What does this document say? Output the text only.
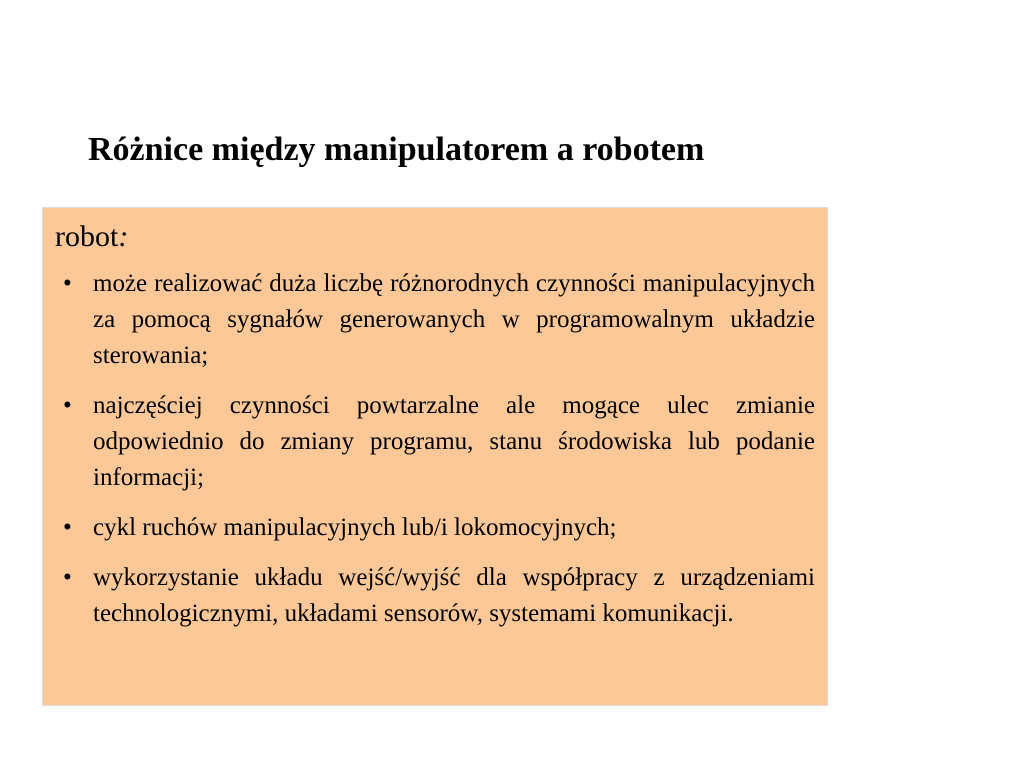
Różnice między manipulatorem a robotem
robot:
• może realizować duża liczbę różnorodnych czynności manipulacyjnych za pomocą sygnałów generowanych w programowalnym układzie sterowania;
• najczęściej czynności powtarzalne ale mogące ulec zmianie odpowiednio do zmiany programu, stanu środowiska lub podanie informacji;
• cykl ruchów manipulacyjnych lub/i lokomocyjnych;
• wykorzystanie układu wejść/wyjść dla współpracy z urządzeniami technologicznymi, układami sensorów, systemami komunikacji.
